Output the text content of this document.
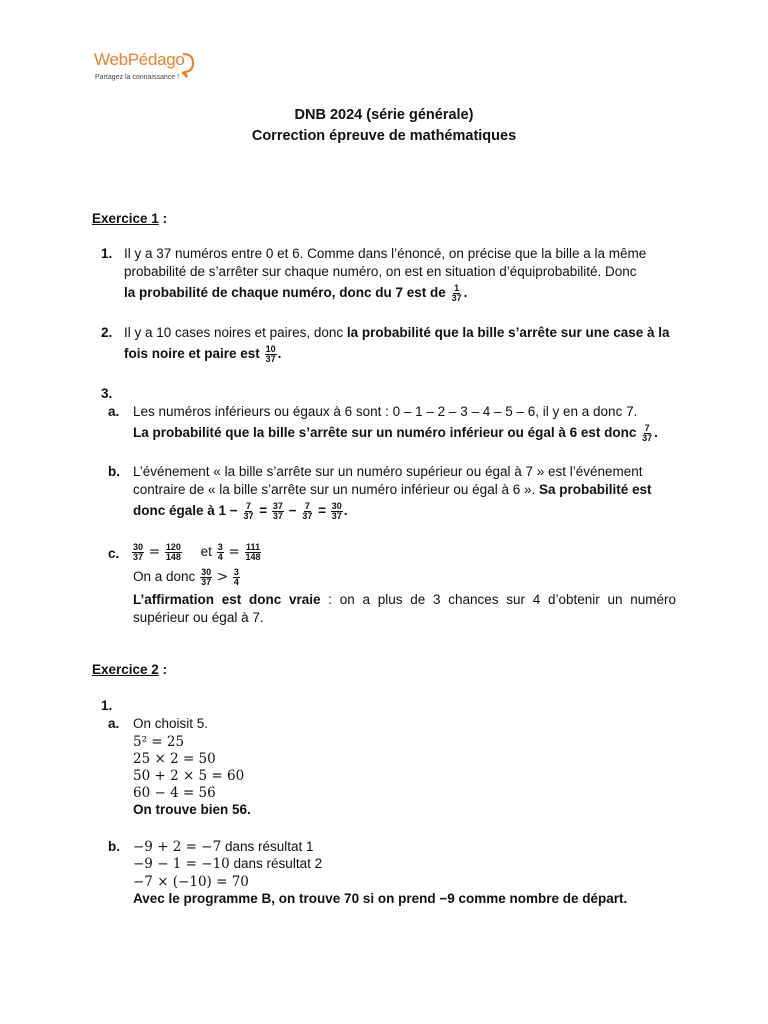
WebPédago
Partagez la connaissance !
DNB 2024 (série générale)
Correction épreuve de mathématiques
Exercice 1 :
1. Il y a 37 numéros entre 0 et 6. Comme dans l’énoncé, on précise que la bille a la même
probabilité de s’arrêter sur chaque numéro, on est en situation d’équiprobabilité. Donc
la probabilité de chaque numéro, donc du 7 est de $\frac{1}{37}$ .
2. Il y a 10 cases noires et paires, donc la probabilité que la bille s’arrête sur une case à la
fois noire et paire est $\frac{10}{37}$ .
3.
a. Les numéros inférieurs ou égaux à 6 sont : 0 – 1 – 2 – 3 – 4 – 5 – 6, il y en a donc 7.
La probabilité que la bille s’arrête sur un numéro inférieur ou égal à 6 est donc $\frac{7}{37}$ .
b. L’événement « la bille s’arrête sur un numéro supérieur ou égal à 7 » est l’événement
contraire de « la bille s’arrête sur un numéro inférieur ou égal à 6 ». Sa probabilité est
donc égale à $1 - \frac{7}{37} = \frac{37}{37} - \frac{7}{37} = \frac{30}{37}$ .
c. $\frac{30}{37} = \frac{120}{148}$ et $\frac{3}{4} = \frac{111}{148}$
On a donc $\frac{30}{37} > \frac{3}{4}$
L’affirmation est donc vraie : on a plus de 3 chances sur 4 d’obtenir un numéro
supérieur ou égal à 7.
Exercice 2 :
1.
a. On choisit 5.
5² = 25
25 × 2 = 50
50 + 2 × 5 = 60
60 − 4 = 56
On trouve bien 56.
b. −9 + 2 = −7 dans résultat 1
−9 − 1 = −10 dans résultat 2
−7 × (−10) = 70
Avec le programme B, on trouve 70 si on prend −9 comme nombre de départ.
